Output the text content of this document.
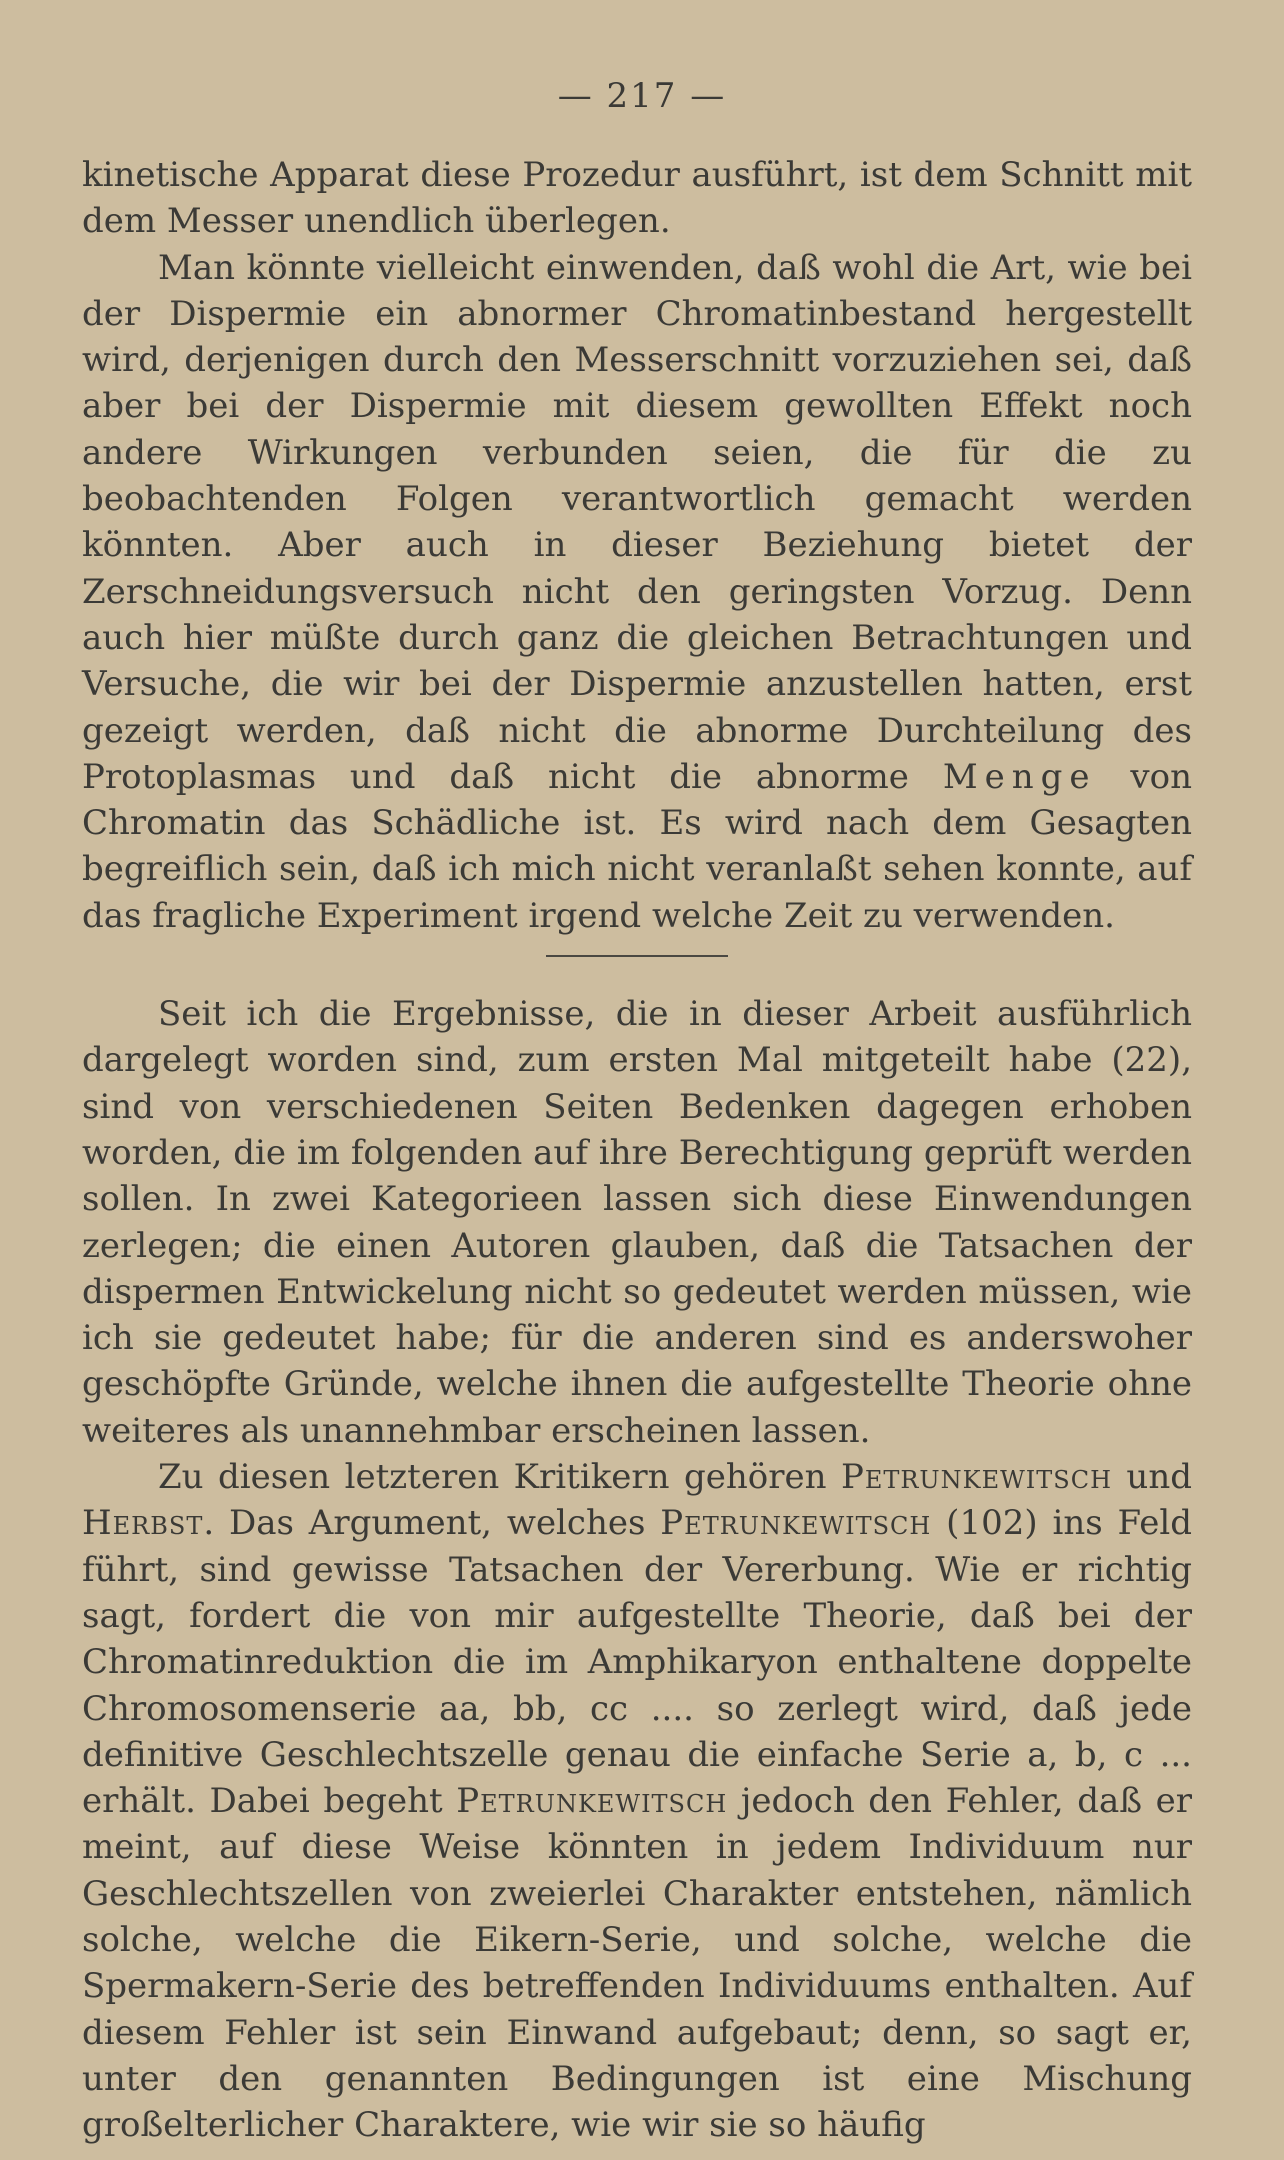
— 217 —

kinetische Apparat diese Prozedur ausführt, ist dem Schnitt mit dem Messer unendlich überlegen.

Man könnte vielleicht einwenden, daß wohl die Art, wie bei der Dispermie ein abnormer Chromatinbestand hergestellt wird, derjenigen durch den Messerschnitt vorzuziehen sei, daß aber bei der Dispermie mit diesem gewollten Effekt noch andere Wirkungen verbunden seien, die für die zu beobachtenden Folgen verantwortlich gemacht werden könnten. Aber auch in dieser Beziehung bietet der Zerschneidungsversuch nicht den geringsten Vorzug. Denn auch hier müßte durch ganz die gleichen Betrachtungen und Versuche, die wir bei der Dispermie anzustellen hatten, erst gezeigt werden, daß nicht die abnorme Durchteilung des Protoplasmas und daß nicht die abnorme Menge von Chromatin das Schädliche ist. Es wird nach dem Gesagten begreiflich sein, daß ich mich nicht veranlaßt sehen konnte, auf das fragliche Experiment irgend welche Zeit zu verwenden.

Seit ich die Ergebnisse, die in dieser Arbeit ausführlich dargelegt worden sind, zum ersten Mal mitgeteilt habe (22), sind von verschiedenen Seiten Bedenken dagegen erhoben worden, die im folgenden auf ihre Berechtigung geprüft werden sollen. In zwei Kategorieen lassen sich diese Einwendungen zerlegen; die einen Autoren glauben, daß die Tatsachen der dispermen Entwickelung nicht so gedeutet werden müssen, wie ich sie gedeutet habe; für die anderen sind es anderswoher geschöpfte Gründe, welche ihnen die aufgestellte Theorie ohne weiteres als unannehmbar erscheinen lassen.

Zu diesen letzteren Kritikern gehören Petrunkewitsch und Herbst. Das Argument, welches Petrunkewitsch (102) ins Feld führt, sind gewisse Tatsachen der Vererbung. Wie er richtig sagt, fordert die von mir aufgestellte Theorie, daß bei der Chromatinreduktion die im Amphikaryon enthaltene doppelte Chromosomenserie aa, bb, cc .... so zerlegt wird, daß jede definitive Geschlechtszelle genau die einfache Serie a, b, c ... erhält. Dabei begeht Petrunkewitsch jedoch den Fehler, daß er meint, auf diese Weise könnten in jedem Individuum nur Geschlechtszellen von zweierlei Charakter entstehen, nämlich solche, welche die Eikern-Serie, und solche, welche die Spermakern-Serie des betreffenden Individuums enthalten. Auf diesem Fehler ist sein Einwand aufgebaut; denn, so sagt er, unter den genannten Bedingungen ist eine Mischung großelterlicher Charaktere, wie wir sie so häufig
